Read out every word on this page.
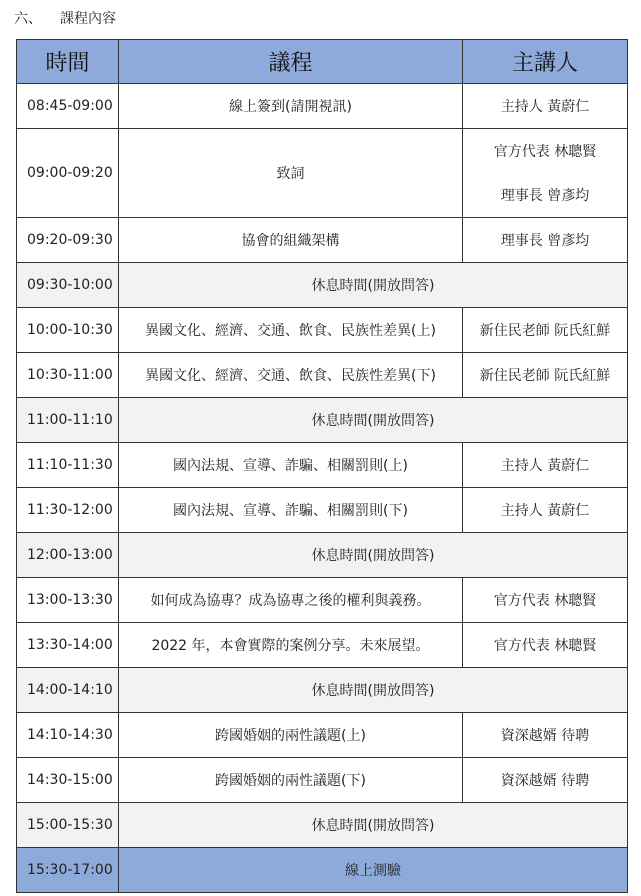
六、 課程內容
時間	議程	主講人
08:45-09:00	線上簽到(請開視訊)	主持人 黃蔚仁
09:00-09:20	致詞	官方代表 林聰賢
理事長 曾彥均

09:20-09:30	協會的組織架構	理事長 曾彥均
09:30-10:00	休息時間(開放問答)	
10:00-10:30	異國文化、經濟、交通、飲食、民族性差異(上)	新住民老師 阮氏紅鮮
10:30-11:00	異國文化、經濟、交通、飲食、民族性差異(下)	新住民老師 阮氏紅鮮
11:00-11:10	休息時間(開放問答)	
11:10-11:30	國內法規、宣導、詐騙、相關罰則(上)	主持人 黃蔚仁
11:30-12:00	國內法規、宣導、詐騙、相關罰則(下)	主持人 黃蔚仁
12:00-13:00	休息時間(開放問答)	
13:00-13:30	如何成為協專？成為協專之後的權利與義務。	官方代表 林聰賢
13:30-14:00	2022 年，本會實際的案例分享。未來展望。	官方代表 林聰賢
14:00-14:10	休息時間(開放問答)	
14:10-14:30	跨國婚姻的兩性議題(上)	資深越婿 待聘
14:30-15:00	跨國婚姻的兩性議題(下)	資深越婿 待聘
15:00-15:30	休息時間(開放問答)	
15:30-17:00	線上測驗	
